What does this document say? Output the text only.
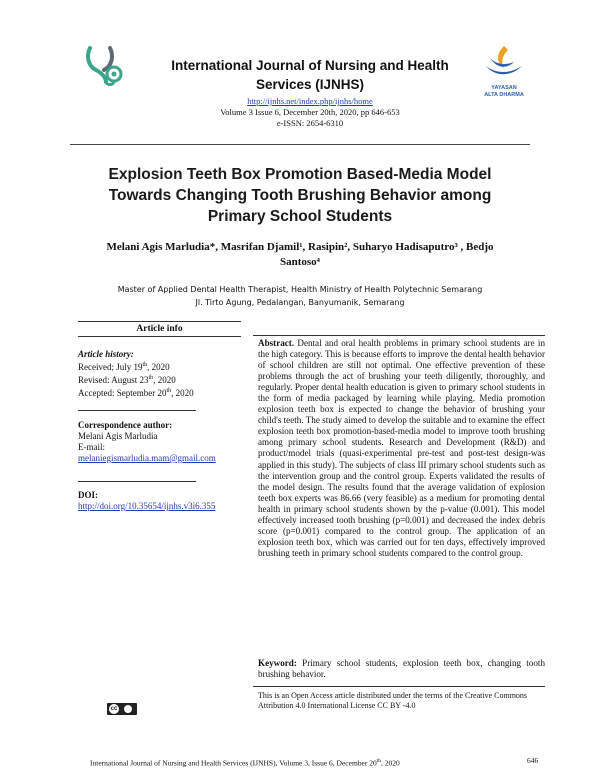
International Journal of Nursing and Health Services (IJNHS)
http://ijnhs.net/index.php/ijnhs/home
Volume 3 Issue 6, December 20th, 2020, pp 646-653
e-ISSN: 2654-6310
YAYASAN ALTA DHARMA
Explosion Teeth Box Promotion Based-Media Model Towards Changing Tooth Brushing Behavior among Primary School Students
Melani Agis Marludia*, Masrifan Djamil¹, Rasipin², Suharyo Hadisaputro³ , Bedjo Santoso⁴
Master of Applied Dental Health Therapist, Health Ministry of Health Polytechnic Semarang
Jl. Tirto Agung, Pedalangan, Banyumanik, Semarang
Article info
Article history:
Received; July 19th, 2020
Revised: August 23th, 2020
Accepted: September 20th, 2020
Correspondence author:
Melani Agis Marludia
E-mail:
melaniegismarludia.mam@gmail.com
DOI:
http://doi.org/10.35654/ijnhs.v3i6.355
Abstract. Dental and oral health problems in primary school students are in the high category. This is because efforts to improve the dental health behavior of school children are still not optimal. One effective prevention of these problems through the act of brushing your teeth diligently, thoroughly, and regularly. Proper dental health education is given to primary school students in the form of media packaged by learning while playing. Media promotion explosion teeth box is expected to change the behavior of brushing your child's teeth. The study aimed to develop the suitable and to examine the effect explosion teeth box promotion-based-media model to improve tooth brushing among primary school students. Research and Development (R&D) and product/model trials (quasi-experimental pre-test and post-test design-was applied in this study). The subjects of class III primary school students such as the intervention group and the control group. Experts validated the results of the model design. The results found that the average validation of explosion teeth box experts was 86.66 (very feasible) as a medium for promoting dental health in primary school students shown by the p-value (0.001). This model effectively increased tooth brushing (p=0.001) and decreased the index debris score (p=0.001) compared to the control group. The application of an explosion teeth box, which was carried out for ten days, effectively improved brushing teeth in primary school students compared to the control group.
Keyword: Primary school students, explosion teeth box, changing tooth brushing behavior.
cc
This is an Open Access article distributed under the terms of the Creative Commons Attribution 4.0 International License CC BY -4.0
International Journal of Nursing and Health Services (IJNHS), Volume 3, Issue 6, December 20th, 2020	646
